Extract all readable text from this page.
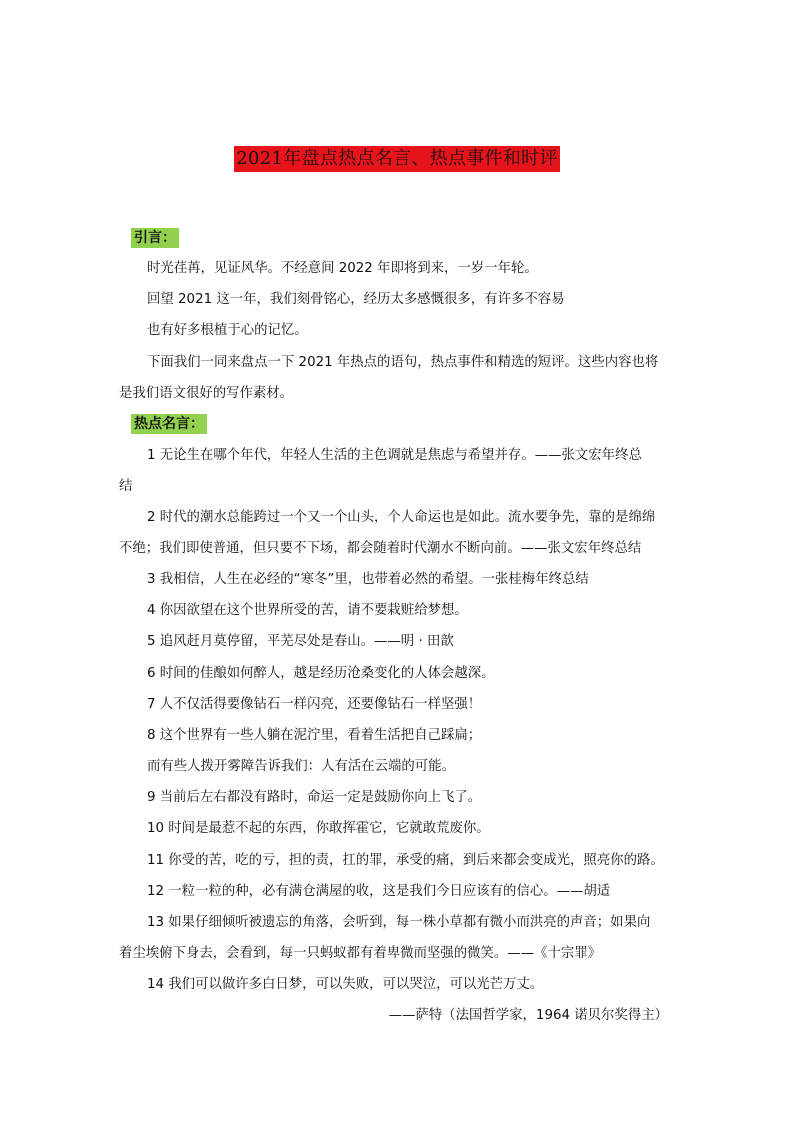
2021年盘点热点名言、热点事件和时评
引言：
时光荏苒，见证风华。不经意间 2022 年即将到来，一岁一年轮。
回望 2021 这一年，我们刻骨铭心，经历太多感慨很多，有许多不容易
也有好多根植于心的记忆。
下面我们一同来盘点一下 2021 年热点的语句，热点事件和精选的短评。这些内容也将
是我们语文很好的写作素材。
热点名言：
1 无论生在哪个年代，年轻人生活的主色调就是焦虑与希望并存。——张文宏年终总
结
2 时代的潮水总能跨过一个又一个山头，个人命运也是如此。流水要争先，靠的是绵绵
不绝；我们即使普通，但只要不下场，都会随着时代潮水不断向前。——张文宏年终总结
3 我相信，人生在必经的“寒冬”里，也带着必然的希望。一张桂梅年终总结
4 你因欲望在这个世界所受的苦，请不要栽赃给梦想。
5 追风赶月莫停留，平芜尽处是春山。——明 · 田歆
6 时间的佳酿如何醉人，越是经历沧桑变化的人体会越深。
7 人不仅活得要像钻石一样闪亮，还要像钻石一样坚强！
8 这个世界有一些人躺在泥泞里，看着生活把自己踩扁；
而有些人拨开雾障告诉我们：人有活在云端的可能。
9 当前后左右都没有路时，命运一定是鼓励你向上飞了。
10 时间是最惹不起的东西，你敢挥霍它，它就敢荒废你。
11 你受的苦，吃的亏，担的责，扛的罪，承受的痛，到后来都会变成光，照亮你的路。
12 一粒一粒的种，必有满仓满屋的收，这是我们今日应该有的信心。——胡适
13 如果仔细倾听被遗忘的角落，会听到，每一株小草都有微小而洪亮的声音；如果向
着尘埃俯下身去，会看到，每一只蚂蚁都有着卑微而坚强的微笑。——《十宗罪》
14 我们可以做许多白日梦，可以失败，可以哭泣，可以光芒万丈。
——萨特（法国哲学家，1964 诺贝尔奖得主）
